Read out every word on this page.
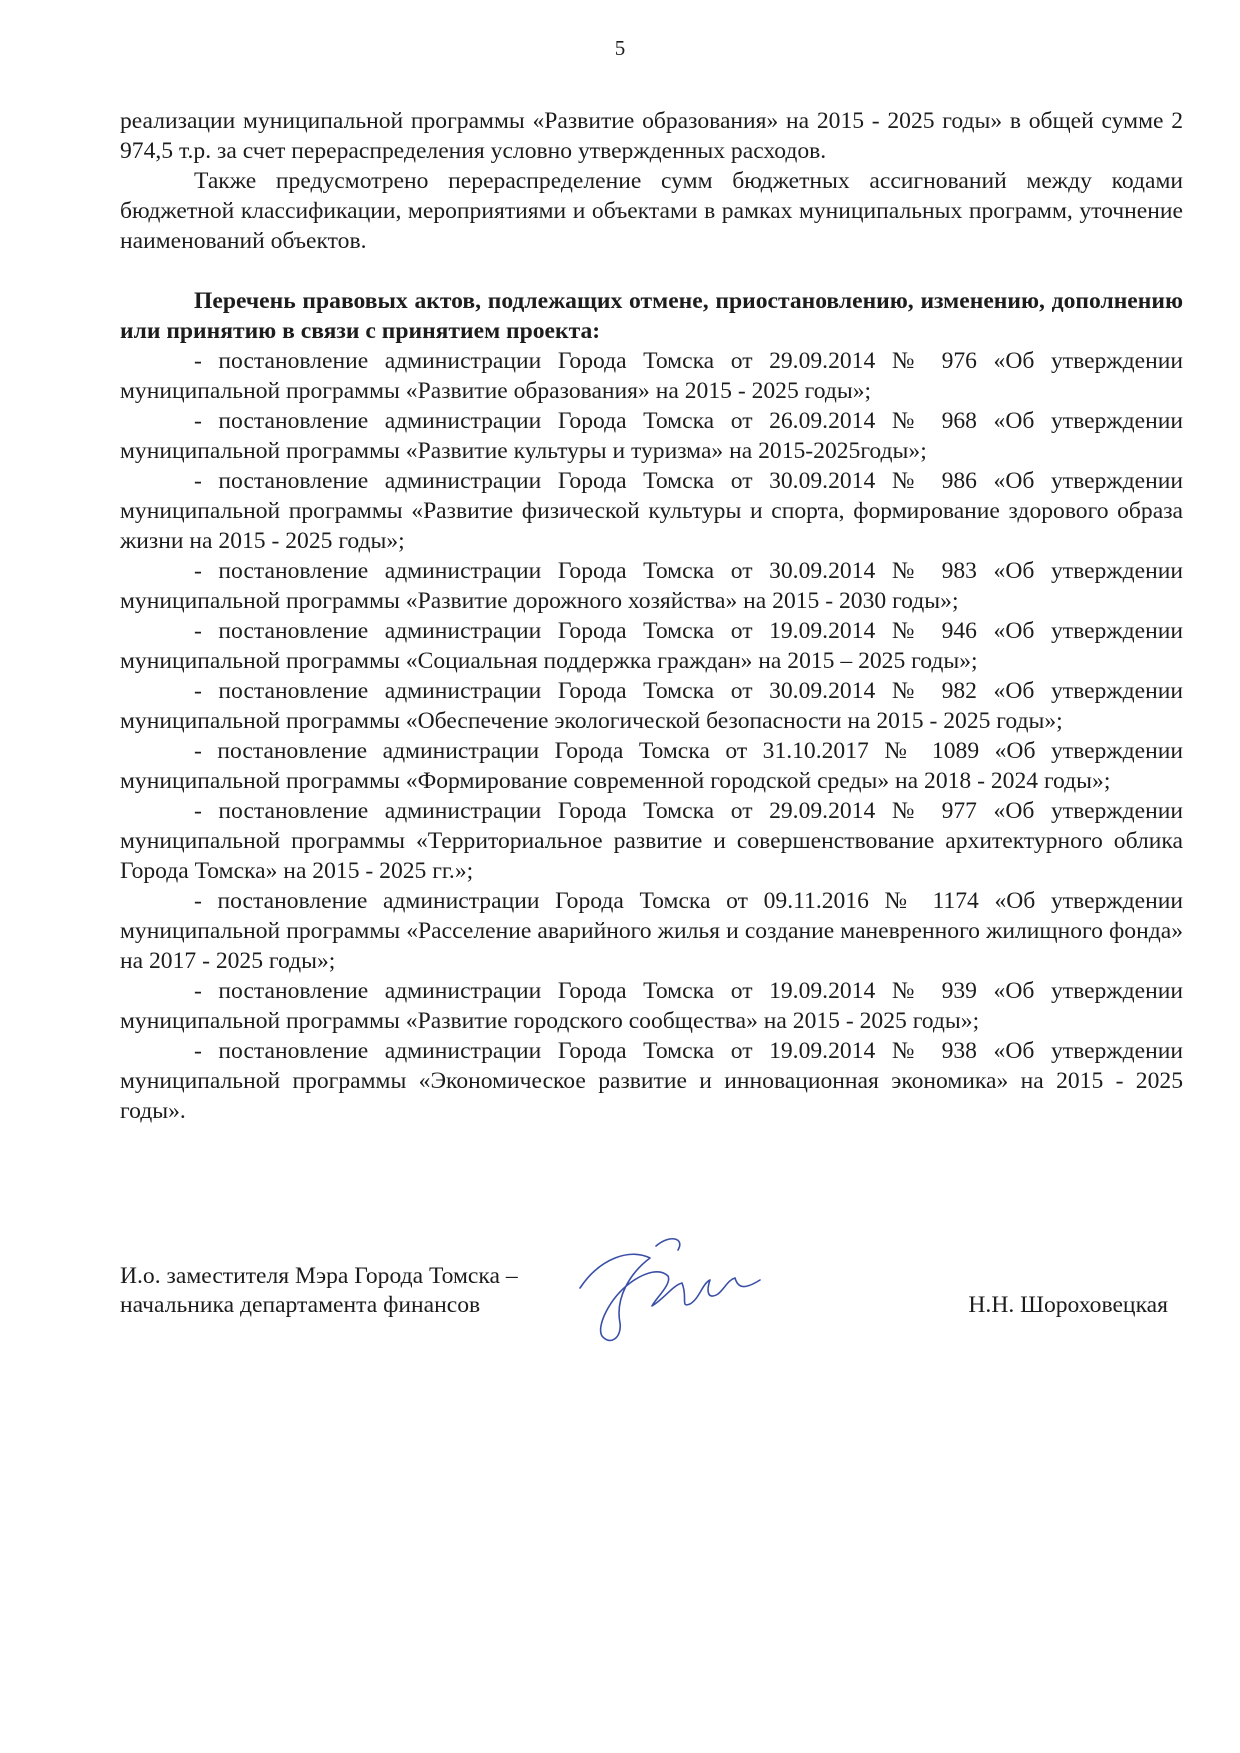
5

реализации муниципальной программы «Развитие образования» на 2015 - 2025 годы» в общей сумме 2 974,5 т.р. за счет перераспределения условно утвержденных расходов.

Также предусмотрено перераспределение сумм бюджетных ассигнований между кодами бюджетной классификации, мероприятиями и объектами в рамках муниципальных программ, уточнение наименований объектов.

Перечень правовых актов, подлежащих отмене, приостановлению, изменению, дополнению или принятию в связи с принятием проекта:

- постановление администрации Города Томска от 29.09.2014 № 976 «Об утверждении муниципальной программы «Развитие образования» на 2015 - 2025 годы»;

- постановление администрации Города Томска от 26.09.2014 № 968 «Об утверждении муниципальной программы «Развитие культуры и туризма» на 2015-2025годы»;

- постановление администрации Города Томска от 30.09.2014 № 986 «Об утверждении муниципальной программы «Развитие физической культуры и спорта, формирование здорового образа жизни на 2015 - 2025 годы»;

- постановление администрации Города Томска от 30.09.2014 № 983 «Об утверждении муниципальной программы «Развитие дорожного хозяйства» на 2015 - 2030 годы»;

- постановление администрации Города Томска от 19.09.2014 № 946 «Об утверждении муниципальной программы «Социальная поддержка граждан» на 2015 – 2025 годы»;

- постановление администрации Города Томска от 30.09.2014 № 982 «Об утверждении муниципальной программы «Обеспечение экологической безопасности на 2015 - 2025 годы»;

- постановление администрации Города Томска от 31.10.2017 № 1089 «Об утверждении муниципальной программы «Формирование современной городской среды» на 2018 - 2024 годы»;

- постановление администрации Города Томска от 29.09.2014 № 977 «Об утверждении муниципальной программы «Территориальное развитие и совершенствование архитектурного облика Города Томска» на 2015 - 2025 гг.»;

- постановление администрации Города Томска от 09.11.2016 № 1174 «Об утверждении муниципальной программы «Расселение аварийного жилья и создание маневренного жилищного фонда» на 2017 - 2025 годы»;

- постановление администрации Города Томска от 19.09.2014 № 939 «Об утверждении муниципальной программы «Развитие городского сообщества» на 2015 - 2025 годы»;

- постановление администрации Города Томска от 19.09.2014 № 938 «Об утверждении муниципальной программы «Экономическое развитие и инновационная экономика» на 2015 - 2025 годы».

И.о. заместителя Мэра Города Томска –
начальника департамента финансов	Н.Н. Шороховецкая
